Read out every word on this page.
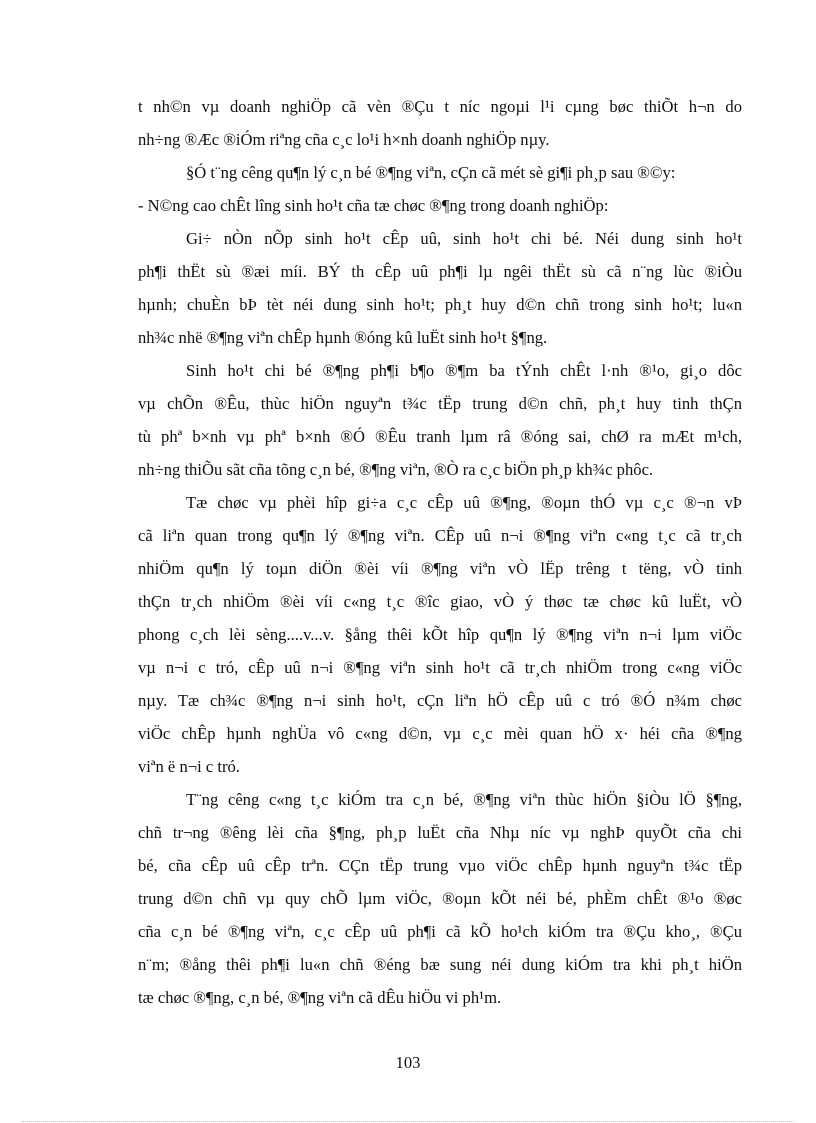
t nh©n vµ doanh nghiÖp cã vèn ®Çu t níc ngoµi l¹i cµng bøc thiÕt h¬n do
nh÷ng ®Æc ®iÓm riªng cña c¸c lo¹i h×nh doanh nghiÖp nµy.
§Ó t¨ng cêng qu¶n lý c¸n bé ®¶ng viªn, cÇn cã mét sè gi¶i ph¸p sau ®©y:
- N©ng cao chÊt lîng sinh ho¹t cña tæ chøc ®¶ng trong doanh nghiÖp:
Gi÷ nÒn nÕp sinh ho¹t cÊp uû, sinh ho¹t chi bé. Néi dung sinh ho¹t
ph¶i thËt sù ®æi míi. BÝ th cÊp uû ph¶i lµ ngêi thËt sù cã n¨ng lùc ®iÒu
hµnh; chuÈn bÞ tèt néi dung sinh ho¹t; ph¸t huy d©n chñ trong sinh ho¹t; lu«n
nh¾c nhë ®¶ng viªn chÊp hµnh ®óng kû luËt sinh ho¹t §¶ng.
Sinh ho¹t chi bé ®¶ng ph¶i b¶o ®¶m ba tÝnh chÊt l·nh ®¹o, gi¸o dôc
vµ chÕn ®Êu, thùc hiÖn nguyªn t¾c tËp trung d©n chñ, ph¸t huy tinh thÇn
tù phª b×nh vµ phª b×nh ®Ó ®Êu tranh lµm râ ®óng sai, chØ ra mÆt m¹ch,
nh÷ng thiÕu sãt cña tõng c¸n bé, ®¶ng viªn, ®Ò ra c¸c biÖn ph¸p kh¾c phôc.
Tæ chøc vµ phèi hîp gi÷a c¸c cÊp uû ®¶ng, ®oµn thÓ vµ c¸c ®¬n vÞ
cã liªn quan trong qu¶n lý ®¶ng viªn. CÊp uû n¬i ®¶ng viªn c«ng t¸c cã tr¸ch
nhiÖm qu¶n lý toµn diÖn ®èi víi ®¶ng viªn vÒ lËp trêng t tëng, vÒ tinh
thÇn tr¸ch nhiÖm ®èi víi c«ng t¸c ®îc giao, vÒ ý thøc tæ chøc kû luËt, vÒ
phong c¸ch lèi sèng....v...v. §ång thêi kÕt hîp qu¶n lý ®¶ng viªn n¬i lµm viÖc
vµ n¬i c tró, cÊp uû n¬i ®¶ng viªn sinh ho¹t cã tr¸ch nhiÖm trong c«ng viÖc
nµy. Tæ ch¾c ®¶ng n¬i sinh ho¹t, cÇn liªn hÖ cÊp uû c tró ®Ó n¾m chøc
viÖc chÊp hµnh nghÜa vô c«ng d©n, vµ c¸c mèi quan hÖ x· héi cña ®¶ng
viªn ë n¬i c tró.
T¨ng cêng c«ng t¸c kiÓm tra c¸n bé, ®¶ng viªn thùc hiÖn §iÒu lÖ §¶ng,
chñ tr¬ng ®êng lèi cña §¶ng, ph¸p luËt cña Nhµ níc vµ nghÞ quyÕt cña chi
bé, cña cÊp uû cÊp trªn. CÇn tËp trung vµo viÖc chÊp hµnh nguyªn t¾c tËp
trung d©n chñ vµ quy chÕ lµm viÖc, ®oµn kÕt néi bé, phÈm chÊt ®¹o ®øc
cña c¸n bé ®¶ng viªn, c¸c cÊp uû ph¶i cã kÕ ho¹ch kiÓm tra ®Çu kho¸, ®Çu
n¨m; ®ång thêi ph¶i lu«n chñ ®éng bæ sung néi dung kiÓm tra khi ph¸t hiÖn
tæ chøc ®¶ng, c¸n bé, ®¶ng viªn cã dÊu hiÖu vi ph¹m.
103
